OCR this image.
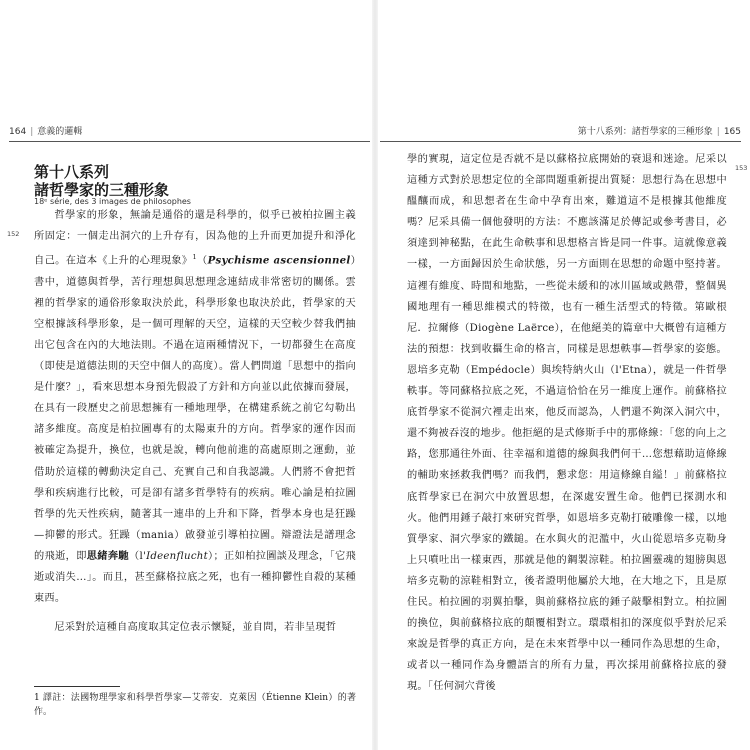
164 | 意義的邏輯
第十八系列
諸哲學家的三種形象
18ᵉ série, des 3 images de philosophes
152

哲學家的形象，無論是通俗的還是科學的，似乎已被柏拉圖主義所固定：一個走出洞穴的上升存有，因為他的上升而更加提升和淨化自己。在這本《上升的心理現象》$^1$（Psychisme ascensionnel）書中，道德與哲學，苦行理想與思想理念連結成非常密切的關係。雲裡的哲學家的通俗形象取決於此，科學形象也取決於此，哲學家的天空根據該科學形象，是一個可理解的天空，這樣的天空較少替我們抽出它包含在內的大地法則。不過在這兩種情況下，一切都發生在高度（即使是道德法則的天空中個人的高度）。當人們問道「思想中的指向是什麼？」，看來思想本身預先假設了方針和方向並以此依據而發展，在具有一段歷史之前思想擁有一種地理學，在構建系統之前它勾勒出諸多維度。高度是柏拉圖專有的太陽東升的方向。哲學家的運作因而被確定為提升，換位，也就是說，轉向他前進的高處原則之運動，並借助於這樣的轉動決定自己、充實自己和自我認識。人們將不會把哲學和疾病進行比較，可是卻有諸多哲學特有的疾病。唯心論是柏拉圖哲學的先天性疾病，隨著其一連串的上升和下降，哲學本身也是狂躁—抑鬱的形式。狂躁（mania）啟發並引導柏拉圖。辯證法是譜理念的飛逝，即思緒奔馳（l'Ideenflucht）；正如柏拉圖談及理念，「它飛逝或消失…」。而且，甚至蘇格拉底之死，也有一種抑鬱性自殺的某種東西。

尼采對於這種自高度取其定位表示懷疑，並自問，若非呈現哲

1 譯註：法國物理學家和科學哲學家—艾蒂安．克萊因（Étienne Klein）的著作。
第十八系列：諸哲學家的三種形象 | 165
153

學的實現，這定位是否就不是以蘇格拉底開始的衰退和迷途。尼采以這種方式對於思想定位的全部問題重新提出質疑：思想行為在思想中醞釀而成，和思想者在生命中孕育出來，難道這不是根據其他維度嗎？尼采具備一個他發明的方法：不應該滿足於傳記或參考書目，必須達到神秘點，在此生命軼事和思想格言皆是同一件事。這就像意義一樣，一方面歸因於生命狀態，另一方面則在思想的命題中堅持著。這裡有維度、時間和地點，一些從未緩和的冰川區域或熱帶，整個異國地理有一種思維模式的特徵，也有一種生活型式的特徵。第歐根尼．拉爾修（Diogène Laërce），在他絕美的篇章中大概曾有這種方法的預想：找到收攝生命的格言，同樣是思想軼事—哲學家的姿態。恩培多克勒（Empédocle）與埃特納火山（l'Etna），就是一件哲學軼事。等同蘇格拉底之死，不過這恰恰在另一維度上運作。前蘇格拉底哲學家不從洞穴裡走出來，他反而認為，人們還不夠深入洞穴中，還不夠被吞沒的地步。他拒絕的是式修斯手中的那條線：「您的向上之路，您那通往外面、往幸福和道德的線與我們何干…您想藉助這條線的輔助來拯救我們嗎？而我們，懇求您：用這條線自縊！」前蘇格拉底哲學家已在洞穴中放置思想，在深處安置生命。他們已探測水和火。他們用錘子敲打來研究哲學，如恩培多克勒打破雕像一樣，以地質學家、洞穴學家的鐵鎚。在水與火的氾濫中，火山從恩培多克勒身上只噴吐出一樣東西，那就是他的鋼製涼鞋。柏拉圖靈魂的翅膀與恩培多克勒的涼鞋相對立，後者證明他屬於大地，在大地之下，且是原住民。柏拉圖的羽翼拍擊，與前蘇格拉底的錘子敲擊相對立。柏拉圖的換位，與前蘇格拉底的顛覆相對立。環環相扣的深度似乎對於尼采來說是哲學的真正方向，是在未來哲學中以一種同作為思想的生命，或者以一種同作為身體語言的所有力量，再次採用前蘇格拉底的發現。「任何洞穴背後
